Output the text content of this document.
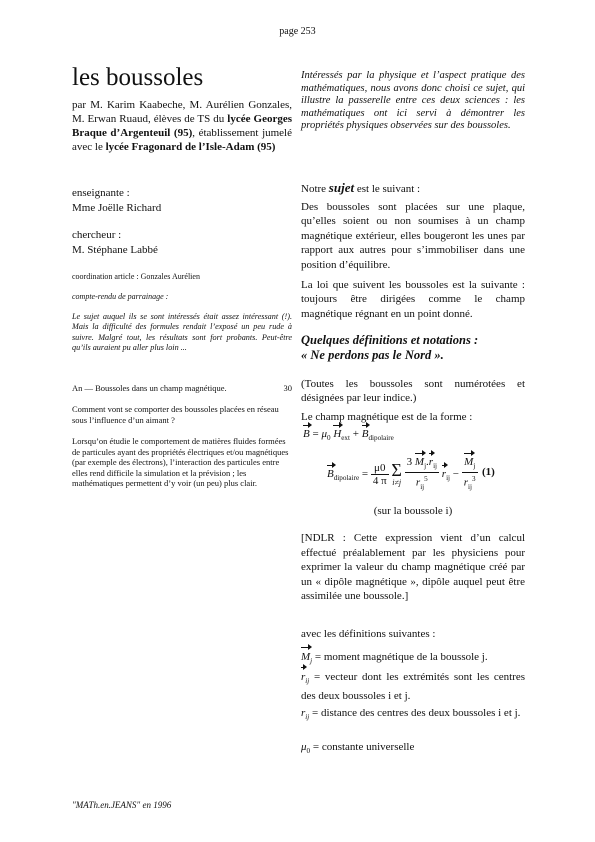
page 253
les boussoles
par M. Karim Kaabeche, M. Aurélien Gonzales, M. Erwan Ruaud, élèves de TS du lycée Georges Braque d’Argenteuil (95), établissement jumelé avec le lycée Fragonard de l’Isle-Adam (95)
enseignante :
Mme Joëlle Richard
chercheur :
M. Stéphane Labbé
coordination article : Gonzales Aurélien
compte-rendu de parrainage :
Le sujet auquel ils se sont intéressés était assez intéressant (!). Mais la difficulté des formules rendait l’exposé un peu rude à suivre. Malgré tout, les résultats sont fort probants. Peut-être qu’ils auraient pu aller plus loin ...
An — Boussoles dans un champ magnétique.	30
Comment vont se comporter des boussoles placées en réseau sous l’influence d’un aimant ?
Lorsqu’on étudie le comportement de matières fluides formées de particules ayant des propriétés électriques et/ou magnétiques (par exemple des électrons), l’interaction des particules entre elles rend difficile la simulation et la prévision ; les mathématiques permettent d’y voir (un peu) plus clair.
Intéressés par la physique et l’aspect pratique des mathématiques, nous avons donc choisi ce sujet, qui illustre la passerelle entre ces deux sciences : les mathématiques ont ici servi à démontrer les propriétés physiques observées sur des boussoles.
Notre sujet est le suivant :
Des boussoles sont placées sur une plaque, qu’elles soient ou non soumises à un champ magnétique extérieur, elles bougeront les unes par rapport aux autres pour s’immobiliser dans une position d’équilibre.
La loi que suivent les boussoles est la suivante : toujours être dirigées comme le champ magnétique régnant en un point donné.
Quelques définitions et notations :
« Ne perdons pas le Nord ».
(Toutes les boussoles sont numérotées et désignées par leur indice.)
Le champ magnétique est de la forme :
$B = \mu_0$ $H_{ext} + B_{dipolaire}$
$B_{dipolaire} = \frac{\mu 0}{4 \pi}$ Σ
i≠j
$\frac{3 M_j.r_{ij}}{r_{ij}^5} r_{ij} - \frac{M_j}{r_{ij}^3} (1)$
(sur la boussole i)
[NDLR : Cette expression vient d’un calcul effectué préalablement par les physiciens pour exprimer la valeur du champ magnétique créé par un « dipôle magnétique », dipôle auquel peut être assimilée une boussole.]
avec les définitions suivantes :
$M_j$ = moment magnétique de la boussole j.
$r_{ij}$ = vecteur dont les extrémités sont les centres des deux boussoles i et j.
$r_{ij}$ = distance des centres des deux boussoles i et j.
$\mu_0$ = constante universelle
"MATh.en.JEANS" en 1996
